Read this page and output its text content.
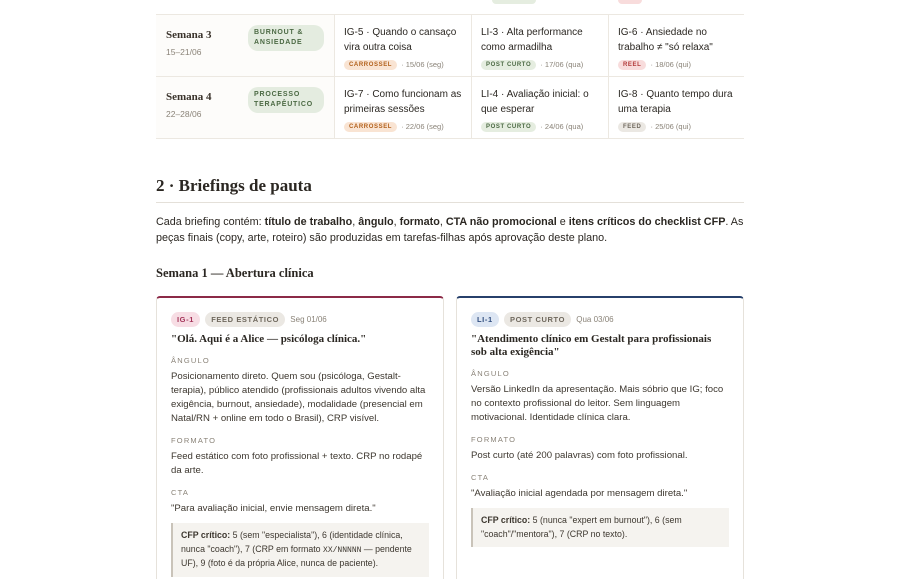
Semana 3
15–21/06
BURNOUT & ANSIEDADE
IG-5 · Quando o cansaço vira outra coisa
CARROSSEL · 15/06 (seg)
LI-3 · Alta performance como armadilha
POST CURTO · 17/06 (qua)
IG-6 · Ansiedade no trabalho ≠ "só relaxa"
REEL · 18/06 (qui)
Semana 4
22–28/06
PROCESSO TERAPÊUTICO
IG-7 · Como funcionam as primeiras sessões
CARROSSEL · 22/06 (seg)
LI-4 · Avaliação inicial: o que esperar
POST CURTO · 24/06 (qua)
IG-8 · Quanto tempo dura uma terapia
FEED · 25/06 (qui)
2 · Briefings de pauta

Cada briefing contém: título de trabalho, ângulo, formato, CTA não promocional e itens críticos do checklist CFP. As peças finais (copy, arte, roteiro) são produzidas em tarefas-filhas após aprovação deste plano.

Semana 1 — Abertura clínica
IG-1 FEED ESTÁTICO Seg 01/06
"Olá. Aqui é a Alice — psicóloga clínica."
ÂNGULO
Posicionamento direto. Quem sou (psicóloga, Gestalt-terapia), público atendido (profissionais adultos vivendo alta exigência, burnout, ansiedade), modalidade (presencial em Natal/RN + online em todo o Brasil), CRP visível.
FORMATO
Feed estático com foto profissional + texto. CRP no rodapé da arte.
CTA
"Para avaliação inicial, envie mensagem direta."
CFP crítico: 5 (sem "especialista"), 6 (identidade clínica, nunca "coach"), 7 (CRP em formato XX/NNNNN — pendente UF), 9 (foto é da própria Alice, nunca de paciente).
LI-1 POST CURTO Qua 03/06
"Atendimento clínico em Gestalt para profissionais sob alta exigência"
ÂNGULO
Versão LinkedIn da apresentação. Mais sóbrio que IG; foco no contexto profissional do leitor. Sem linguagem motivacional. Identidade clínica clara.
FORMATO
Post curto (até 200 palavras) com foto profissional.
CTA
"Avaliação inicial agendada por mensagem direta."
CFP crítico: 5 (nunca "expert em burnout"), 6 (sem "coach"/"mentora"), 7 (CRP no texto).
